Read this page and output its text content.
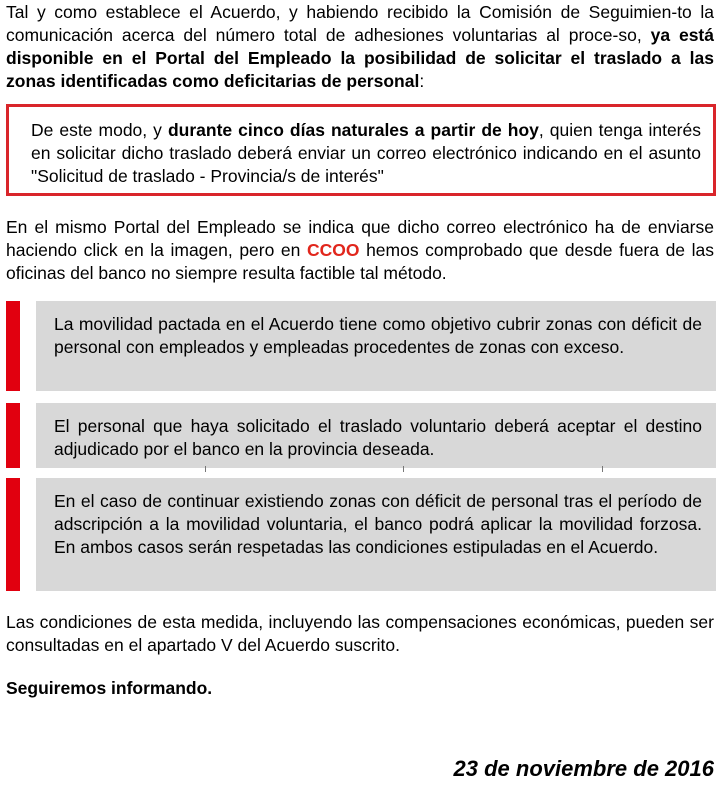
Tal y como establece el Acuerdo, y habiendo recibido la Comisión de Seguimien-to la comunicación acerca del número total de adhesiones voluntarias al proce-so, ya está disponible en el Portal del Empleado la posibilidad de solicitar el traslado a las zonas identificadas como deficitarias de personal:

De este modo, y durante cinco días naturales a partir de hoy, quien tenga interés en solicitar dicho traslado deberá enviar un correo electrónico indicando en el asunto "Solicitud de traslado - Provincia/s de interés"

En el mismo Portal del Empleado se indica que dicho correo electrónico ha de enviarse haciendo click en la imagen, pero en CCOO hemos comprobado que desde fuera de las oficinas del banco no siempre resulta factible tal método.

La movilidad pactada en el Acuerdo tiene como objetivo cubrir zonas con déficit de personal con empleados y empleadas procedentes de zonas con exceso.
El personal que haya solicitado el traslado voluntario deberá aceptar el destino adjudicado por el banco en la provincia deseada.
En el caso de continuar existiendo zonas con déficit de personal tras el período de adscripción a la movilidad voluntaria, el banco podrá aplicar la movilidad forzosa. En ambos casos serán respetadas las condiciones estipuladas en el Acuerdo.

Las condiciones de esta medida, incluyendo las compensaciones económicas, pueden ser consultadas en el apartado V del Acuerdo suscrito.

Seguiremos informando.

23 de noviembre de 2016
